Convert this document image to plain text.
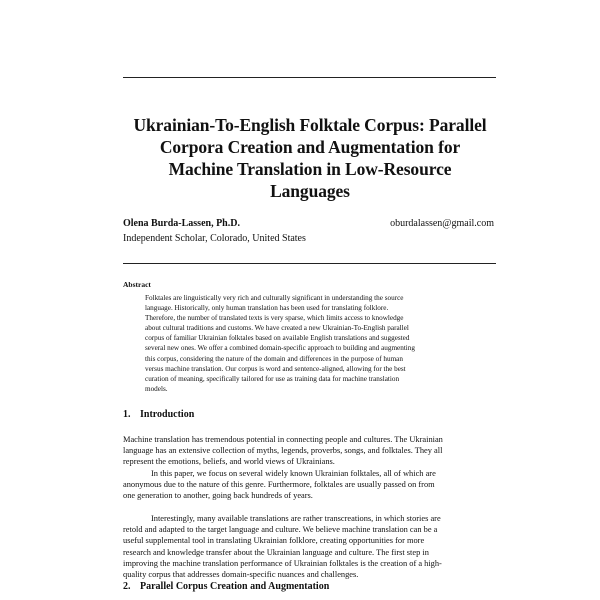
Ukrainian-To-English Folktale Corpus: Parallel
Corpora Creation and Augmentation for
Machine Translation in Low-Resource
Languages
Olena Burda-Lassen, Ph.D.	oburdalassen@gmail.com
Independent Scholar, Colorado, United States
Abstract
Folktales are linguistically very rich and culturally significant in understanding the source
language. Historically, only human translation has been used for translating folklore.
Therefore, the number of translated texts is very sparse, which limits access to knowledge
about cultural traditions and customs. We have created a new Ukrainian-To-English parallel
corpus of familiar Ukrainian folktales based on available English translations and suggested
several new ones. We offer a combined domain-specific approach to building and augmenting
this corpus, considering the nature of the domain and differences in the purpose of human
versus machine translation. Our corpus is word and sentence-aligned, allowing for the best
curation of meaning, specifically tailored for use as training data for machine translation
models.
1. Introduction
Machine translation has tremendous potential in connecting people and cultures. The Ukrainian
language has an extensive collection of myths, legends, proverbs, songs, and folktales. They all
represent the emotions, beliefs, and world views of Ukrainians.
In this paper, we focus on several widely known Ukrainian folktales, all of which are
anonymous due to the nature of this genre. Furthermore, folktales are usually passed on from
one generation to another, going back hundreds of years.
Interestingly, many available translations are rather transcreations, in which stories are
retold and adapted to the target language and culture. We believe machine translation can be a
useful supplemental tool in translating Ukrainian folklore, creating opportunities for more
research and knowledge transfer about the Ukrainian language and culture. The first step in
improving the machine translation performance of Ukrainian folktales is the creation of a high-
quality corpus that addresses domain-specific nuances and challenges.
2. Parallel Corpus Creation and Augmentation
